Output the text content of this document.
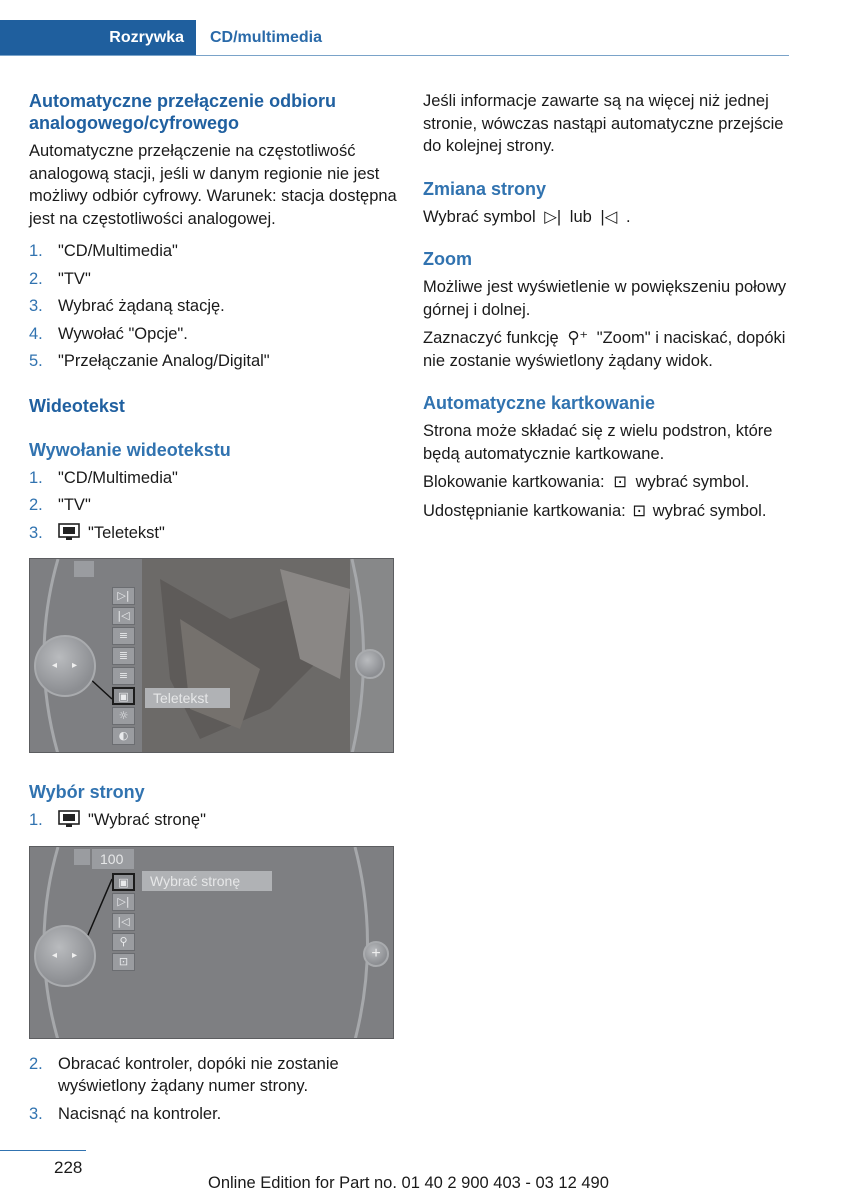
Rozrywka	CD/multimedia
Automatyczne przełączenie odbioru analogowego/cyfrowego

Automatyczne przełączenie na częstotliwość analogową stacji, jeśli w danym regionie nie jest możliwy odbiór cyfrowy. Warunek: stacja dostępna jest na częstotliwości analogowej.

1. "CD/Multimedia"
2. "TV"
3. Wybrać żądaną stację.
4. Wywołać "Opcje".
5. "Przełączanie Analog/Digital"
Wideotekst
Wywołanie wideotekstu
1. "CD/Multimedia"
2. "TV"
3.	"Teletekst"
◂ ▸
▷|
|◁
≡
≣
≡
▣
☼
◐
Teletekst
Wybór strony
1.	"Wybrać stronę"
100
◂ ▸	+
▣
▷|
|◁
⚲
⊡
Wybrać stronę
2. Obracać kontroler, dopóki nie zostanie wyświetlony żądany numer strony.
3. Nacisnąć na kontroler.

Jeśli informacje zawarte są na więcej niż jednej stronie, wówczas nastąpi automatyczne przejście do kolejnej strony.

Zmiana strony

Wybrać symbol ▷| lub |◁ .

Zoom

Możliwe jest wyświetlenie w powiększeniu połowy górnej i dolnej.

Zaznaczyć funkcję ⚲⁺ "Zoom" i naciskać, dopóki nie zostanie wyświetlony żądany widok.

Automatyczne kartkowanie

Strona może składać się z wielu podstron, które będą automatycznie kartkowane.

Blokowanie kartkowania: ⊡ wybrać symbol.

Udostępnianie kartkowania: ⊡ wybrać symbol.

228
Online Edition for Part no. 01 40 2 900 403 - 03 12 490
